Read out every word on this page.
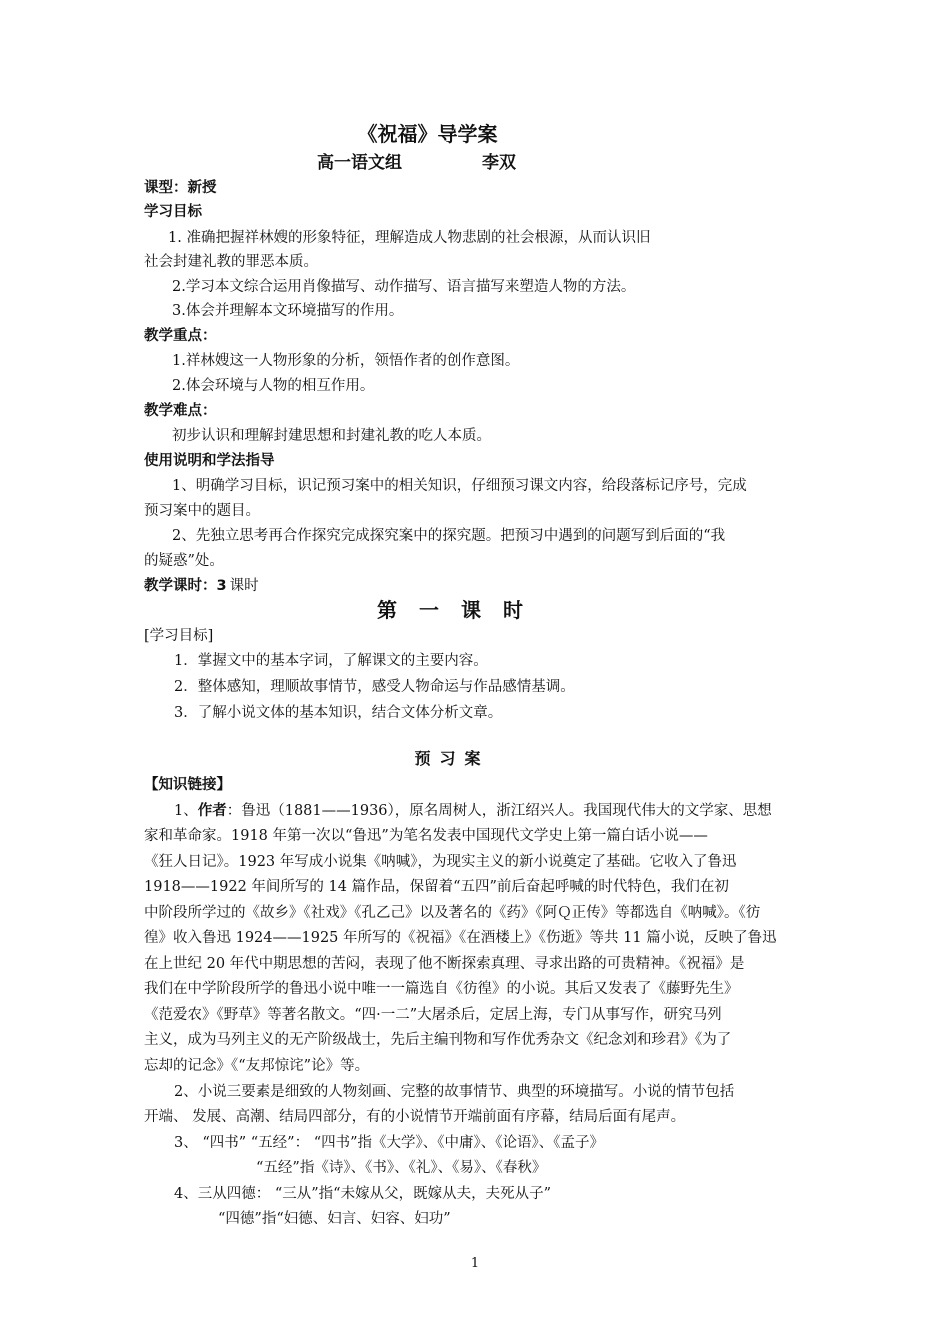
《祝福》导学案
高一语文组	李双
课型：新授
学习目标
1. 准确把握祥林嫂的形象特征，理解造成人物悲剧的社会根源，从而认识旧
社会封建礼教的罪恶本质。
2.学习本文综合运用肖像描写、动作描写、语言描写来塑造人物的方法。
3.体会并理解本文环境描写的作用。
教学重点：
1.祥林嫂这一人物形象的分析，领悟作者的创作意图。
2.体会环境与人物的相互作用。
教学难点：
初步认识和理解封建思想和封建礼教的吃人本质。
使用说明和学法指导
1、明确学习目标，识记预习案中的相关知识，仔细预习课文内容，给段落标记序号，完成
预习案中的题目。
2、先独立思考再合作探究完成探究案中的探究题。把预习中遇到的问题写到后面的“我
的疑惑”处。
教学课时：3 课时
第一课时
[学习目标]
1．掌握文中的基本字词，了解课文的主要内容。
2．整体感知，理顺故事情节，感受人物命运与作品感情基调。
3．了解小说文体的基本知识，结合文体分析文章。
预习案
【知识链接】
1、作者：鲁迅（1881——1936），原名周树人，浙江绍兴人。我国现代伟大的文学家、思想
家和革命家。1918 年第一次以“鲁迅”为笔名发表中国现代文学史上第一篇白话小说——
《狂人日记》。1923 年写成小说集《呐喊》，为现实主义的新小说奠定了基础。它收入了鲁迅
1918——1922 年间所写的 14 篇作品，保留着“五四”前后奋起呼喊的时代特色，我们在初
中阶段所学过的《故乡》《社戏》《孔乙己》以及著名的《药》《阿Ｑ正传》等都选自《呐喊》。《彷
徨》收入鲁迅 1924——1925 年所写的《祝福》《在酒楼上》《伤逝》等共 11 篇小说，反映了鲁迅
在上世纪 20 年代中期思想的苦闷，表现了他不断探索真理、寻求出路的可贵精神。《祝福》是
我们在中学阶段所学的鲁迅小说中唯一一篇选自《彷徨》的小说。其后又发表了《藤野先生》
《范爱农》《野草》等著名散文。“四·一二”大屠杀后，定居上海，专门从事写作，研究马列
主义，成为马列主义的无产阶级战士，先后主编刊物和写作优秀杂文《纪念刘和珍君》《为了
忘却的记念》《“友邦惊诧”论》等。
2、小说三要素是细致的人物刻画、完整的故事情节、典型的环境描写。小说的情节包括
开端、 发展、高潮、结局四部分，有的小说情节开端前面有序幕，结局后面有尾声。
3、 “四书” “五经”： “四书”指《大学》、《中庸》、《论语》、《孟子》
“五经”指《诗》、《书》、《礼》、《易》、《春秋》
4、三从四德： “三从”指“未嫁从父，既嫁从夫，夫死从子”
“四德”指“妇德、妇言、妇容、妇功”
1
